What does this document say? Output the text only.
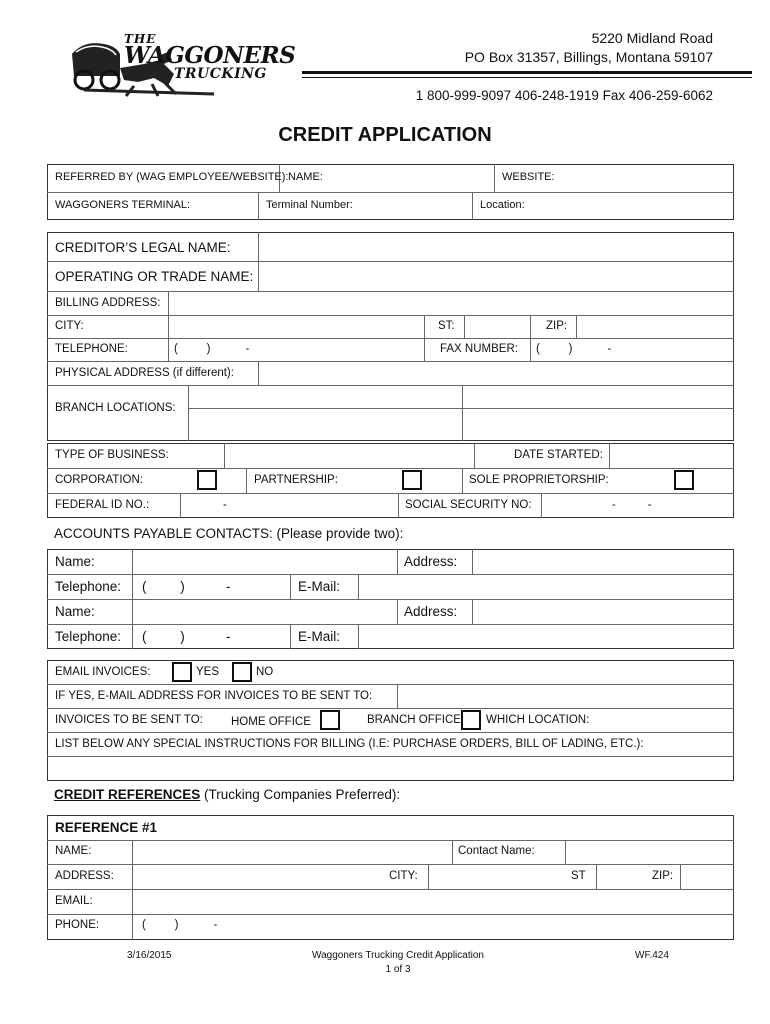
THE
WAGGONERS
TRUCKING
5220 Midland Road
PO Box 31357, Billings, Montana 59107
1 800-999-9097 406-248-1919 Fax 406-259-6062
CREDIT APPLICATION
REFERRED BY (WAG EMPLOYEE/WEBSITE): NAME:	WEBSITE:
WAGGONERS TERMINAL:	Terminal Number:	Location:
CREDITOR’S LEGAL NAME:
OPERATING OR TRADE NAME:
BILLING ADDRESS:
CITY:	ST:	ZIP:
TELEPHONE:	(         )           -	FAX NUMBER: (         )           -
PHYSICAL ADDRESS (if different):
BRANCH LOCATIONS:
TYPE OF BUSINESS:	DATE STARTED:
CORPORATION:	PARTNERSHIP:	SOLE PROPRIETORSHIP:
FEDERAL ID NO.:	-	SOCIAL SECURITY NO:	-          -
ACCOUNTS PAYABLE CONTACTS: (Please provide two):
Name:	Address:
Telephone: (         )           -	E-Mail:
Name:	Address:
Telephone: (         )           -	E-Mail:
EMAIL INVOICES:	YES	NO
IF YES, E-MAIL ADDRESS FOR INVOICES TO BE SENT TO:
INVOICES TO BE SENT TO: HOME OFFICE	BRANCH OFFICE WHICH LOCATION:
LIST BELOW ANY SPECIAL INSTRUCTIONS FOR BILLING (I.E: PURCHASE ORDERS, BILL OF LADING, ETC.):
CREDIT REFERENCES (Trucking Companies Preferred):
REFERENCE #1
NAME:	Contact Name:
ADDRESS:	CITY:	ST	ZIP:
EMAIL:
PHONE:	(         )           -
3/16/2015	Waggoners Trucking Credit Application
1 of 3
WF.424
